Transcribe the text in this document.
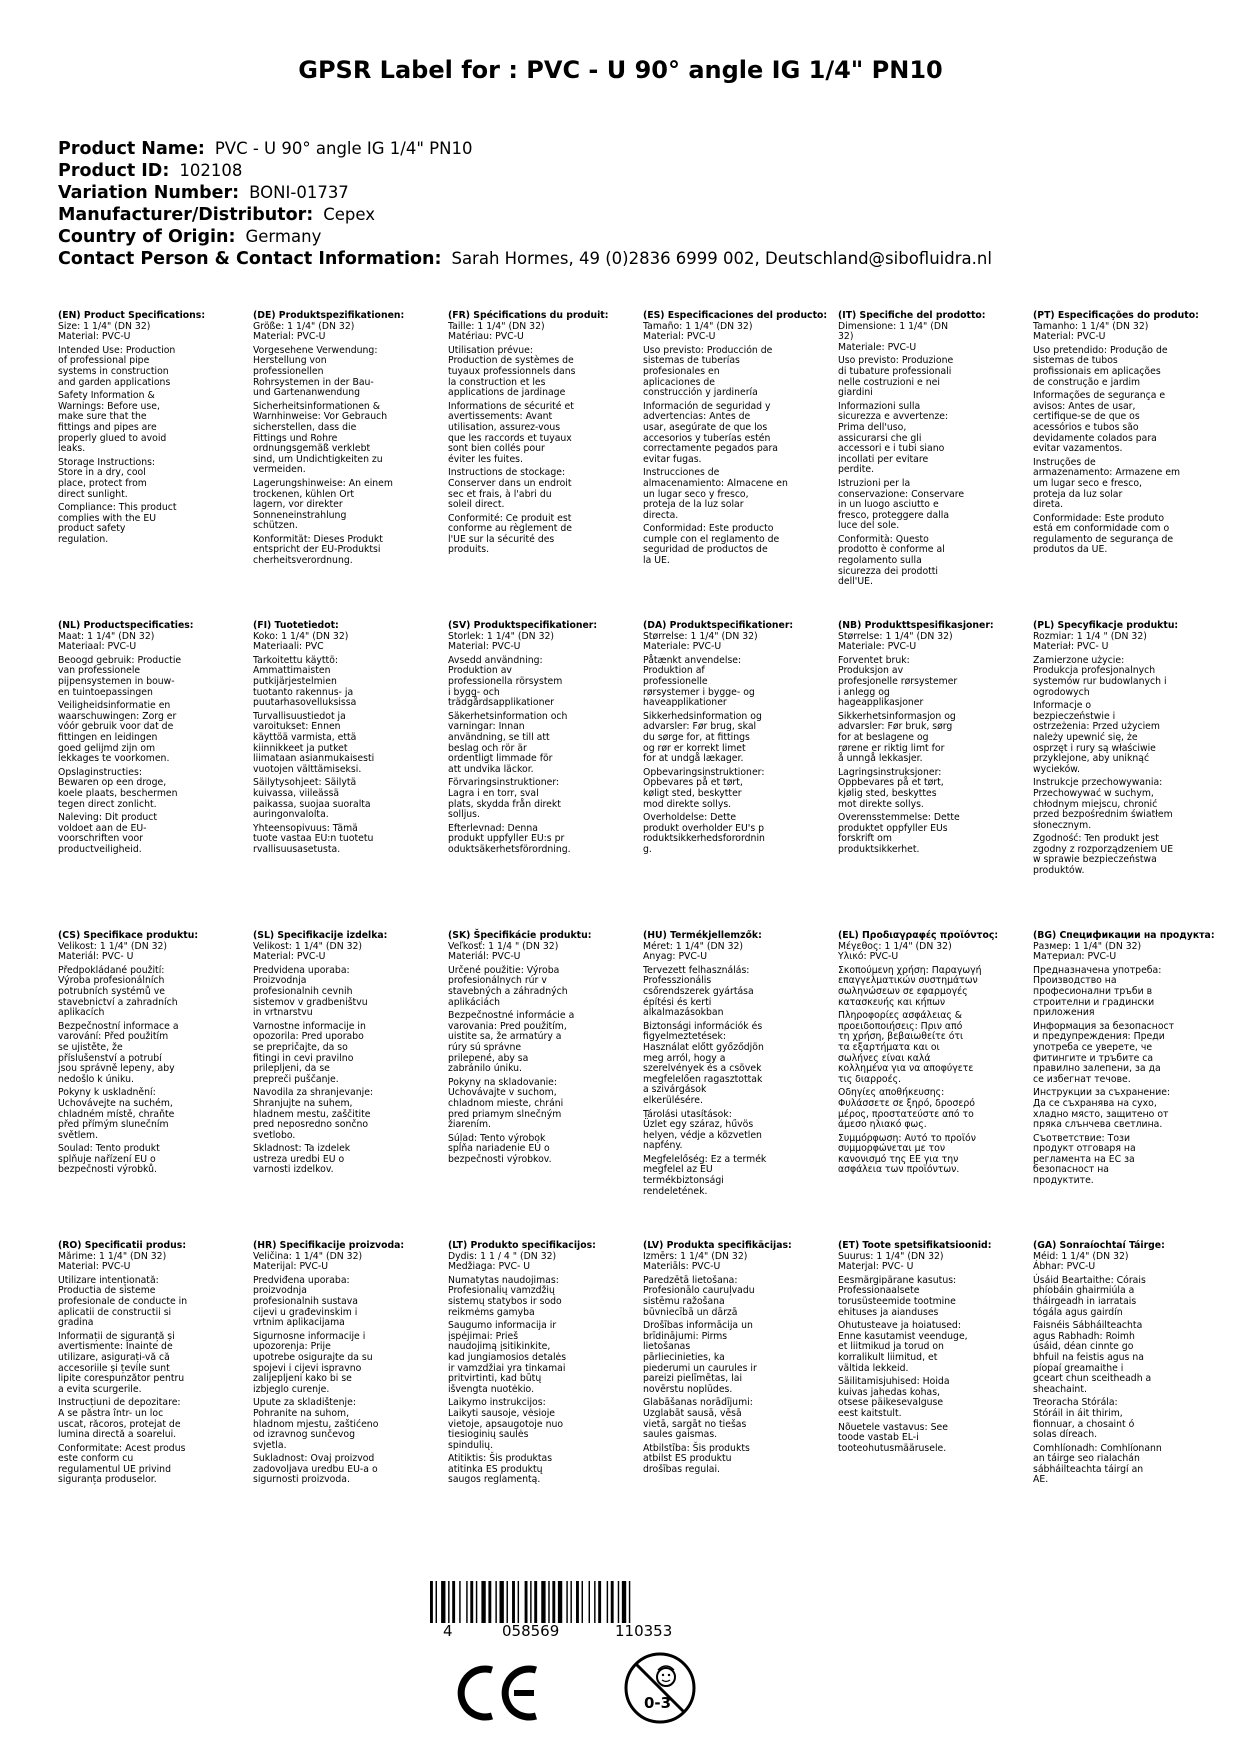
GPSR Label for : PVC - U 90° angle IG 1/4" PN10
Product Name: PVC - U 90° angle IG 1/4" PN10
Product ID: 102108
Variation Number: BONI-01737
Manufacturer/Distributor: Cepex
Country of Origin: Germany
Contact Person & Contact Information: Sarah Hormes, 49 (0)2836 6999 002, Deutschland@sibofluidra.nl
(EN) Product Specifications:

Size: 1 1/4" (DN 32)

Material: PVC-U

Intended Use: Production
of professional pipe
systems in construction
and garden applications

Safety Information &
Warnings: Before use,
make sure that the
fittings and pipes are
properly glued to avoid
leaks.

Storage Instructions:
Store in a dry, cool
place, protect from
direct sunlight.

Compliance: This product
complies with the EU
product safety
regulation.

(DE) Produktspezifikationen:

Größe: 1 1/4" (DN 32)

Material: PVC-U

Vorgesehene Verwendung:
Herstellung von
professionellen
Rohrsystemen in der Bau-
und Gartenanwendung

Sicherheitsinformationen &
Warnhinweise: Vor Gebrauch
sicherstellen, dass die
Fittings und Rohre
ordnungsgemäß verklebt
sind, um Undichtigkeiten zu
vermeiden.

Lagerungshinweise: An einem
trockenen, kühlen Ort
lagern, vor direkter
Sonneneinstrahlung
schützen.

Konformität: Dieses Produkt
entspricht der EU-Produktsi
cherheitsverordnung.

(FR) Spécifications du produit:

Taille: 1 1/4" (DN 32)

Matériau: PVC-U

Utilisation prévue:
Production de systèmes de
tuyaux professionnels dans
la construction et les
applications de jardinage

Informations de sécurité et
avertissements: Avant
utilisation, assurez-vous
que les raccords et tuyaux
sont bien collés pour
éviter les fuites.

Instructions de stockage:
Conserver dans un endroit
sec et frais, à l'abri du
soleil direct.

Conformité: Ce produit est
conforme au règlement de
l'UE sur la sécurité des
produits.

(ES) Especificaciones del producto:

Tamaño: 1 1/4" (DN 32)

Material: PVC-U

Uso previsto: Producción de
sistemas de tuberías
profesionales en
aplicaciones de
construcción y jardinería

Información de seguridad y
advertencias: Antes de
usar, asegúrate de que los
accesorios y tuberías estén
correctamente pegados para
evitar fugas.

Instrucciones de
almacenamiento: Almacene en
un lugar seco y fresco,
proteja de la luz solar
directa.

Conformidad: Este producto
cumple con el reglamento de
seguridad de productos de
la UE.

(IT) Specifiche del prodotto:

Dimensione: 1 1/4" (DN
32)

Materiale: PVC-U

Uso previsto: Produzione
di tubature professionali
nelle costruzioni e nei
giardini

Informazioni sulla
sicurezza e avvertenze:
Prima dell'uso,
assicurarsi che gli
accessori e i tubi siano
incollati per evitare
perdite.

Istruzioni per la
conservazione: Conservare
in un luogo asciutto e
fresco, proteggere dalla
luce del sole.

Conformità: Questo
prodotto è conforme al
regolamento sulla
sicurezza dei prodotti
dell'UE.

(PT) Especificações do produto:

Tamanho: 1 1/4" (DN 32)

Material: PVC-U

Uso pretendido: Produção de
sistemas de tubos
profissionais em aplicações
de construção e jardim

Informações de segurança e
avisos: Antes de usar,
certifique-se de que os
acessórios e tubos são
devidamente colados para
evitar vazamentos.

Instruções de
armazenamento: Armazene em
um lugar seco e fresco,
proteja da luz solar
direta.

Conformidade: Este produto
está em conformidade com o
regulamento de segurança de
produtos da UE.

(NL) Productspecificaties:

Maat: 1 1/4" (DN 32)

Materiaal: PVC-U

Beoogd gebruik: Productie
van professionele
pijpensystemen in bouw-
en tuintoepassingen

Veiligheidsinformatie en
waarschuwingen: Zorg er
vóór gebruik voor dat de
fittingen en leidingen
goed gelijmd zijn om
lekkages te voorkomen.

Opslaginstructies:
Bewaren op een droge,
koele plaats, beschermen
tegen direct zonlicht.

Naleving: Dit product
voldoet aan de EU-
voorschriften voor
productveiligheid.

(FI) Tuotetiedot:

Koko: 1 1/4" (DN 32)

Materiaali: PVC

Tarkoitettu käyttö:
Ammattimaisten
putkijärjestelmien
tuotanto rakennus- ja
puutarhasovelluksissa

Turvallisuustiedot ja
varoitukset: Ennen
käyttöä varmista, että
kiinnikkeet ja putket
liimataan asianmukaisesti
vuotojen välttämiseksi.

Säilytysohjeet: Säilytä
kuivassa, viileässä
paikassa, suojaa suoralta
auringonvalolta.

Yhteensopivuus: Tämä
tuote vastaa EU:n tuotetu
rvallisuusasetusta.

(SV) Produktspecifikationer:

Storlek: 1 1/4" (DN 32)

Material: PVC-U

Avsedd användning:
Produktion av
professionella rörsystem
i bygg- och
trädgårdsapplikationer

Säkerhetsinformation och
varningar: Innan
användning, se till att
beslag och rör är
ordentligt limmade för
att undvika läckor.

Förvaringsinstruktioner:
Lagra i en torr, sval
plats, skydda från direkt
solljus.

Efterlevnad: Denna
produkt uppfyller EU:s pr
oduktsäkerhetsförordning.

(DA) Produktspecifikationer:

Størrelse: 1 1/4" (DN 32)

Materiale: PVC-U

Påtænkt anvendelse:
Produktion af
professionelle
rørsystemer i bygge- og
haveapplikationer

Sikkerhedsinformation og
advarsler: Før brug, skal
du sørge for, at fittings
og rør er korrekt limet
for at undgå lækager.

Opbevaringsinstruktioner:
Opbevares på et tørt,
køligt sted, beskytter
mod direkte sollys.

Overholdelse: Dette
produkt overholder EU's p
roduktsikkerhedsforordnin
g.

(NB) Produkttspesifikasjoner:

Størrelse: 1 1/4" (DN 32)

Materiale: PVC-U

Forventet bruk:
Produksjon av
profesjonelle rørsystemer
i anlegg og
hageapplikasjoner

Sikkerhetsinformasjon og
advarsler: Før bruk, sørg
for at beslagene og
rørene er riktig limt for
å unngå lekkasjer.

Lagringsinstruksjoner:
Oppbevares på et tørt,
kjølig sted, beskyttes
mot direkte sollys.

Overensstemmelse: Dette
produktet oppfyller EUs
forskrift om
produktsikkerhet.

(PL) Specyfikacje produktu:

Rozmiar: 1 1/4 " (DN 32)

Materiał: PVC- U

Zamierzone użycie:
Produkcja profesjonalnych
systemów rur budowlanych i
ogrodowych

Informacje o
bezpieczeństwie i
ostrzeżenia: Przed użyciem
należy upewnić się, że
osprzęt i rury są właściwie
przyklejone, aby uniknąć
wycieków.

Instrukcje przechowywania:
Przechowywać w suchym,
chłodnym miejscu, chronić
przed bezpośrednim światłem
słonecznym.

Zgodność: Ten produkt jest
zgodny z rozporządzeniem UE
w sprawie bezpieczeństwa
produktów.

(CS) Specifikace produktu:

Velikost: 1 1/4" (DN 32)

Materiál: PVC- U

Předpokládané použití:
Výroba profesionálních
potrubních systémů ve
stavebnictví a zahradních
aplikacích

Bezpečnostní informace a
varování: Před použitím
se ujistěte, že
příslušenství a potrubí
jsou správně lepeny, aby
nedošlo k úniku.

Pokyny k uskladnění:
Uchovávejte na suchém,
chladném místě, chraňte
před přímým slunečním
světlem.

Soulad: Tento produkt
splňuje nařízení EU o
bezpečnosti výrobků.

(SL) Specifikacije izdelka:

Velikost: 1 1/4" (DN 32)

Material: PVC-U

Predvidena uporaba:
Proizvodnja
profesionalnih cevnih
sistemov v gradbeništvu
in vrtnarstvu

Varnostne informacije in
opozorila: Pred uporabo
se prepričajte, da so
fitingi in cevi pravilno
prilepljeni, da se
prepreči puščanje.

Navodila za shranjevanje:
Shranjujte na suhem,
hladnem mestu, zaščitite
pred neposredno sončno
svetlobo.

Skladnost: Ta izdelek
ustreza uredbi EU o
varnosti izdelkov.

(SK) Špecifikácie produktu:

Veľkosť: 1 1/4 " (DN 32)

Materiál: PVC-U

Určené použitie: Výroba
profesionálnych rúr v
stavebných a záhradných
aplikáciách

Bezpečnostné informácie a
varovania: Pred použitím,
uistite sa, že armatúry a
rúry sú správne
prilepené, aby sa
zabránilo úniku.

Pokyny na skladovanie:
Uchovávajte v suchom,
chladnom mieste, chráni
pred priamym slnečným
žiarením.

Súlad: Tento výrobok
spĺňa nariadenie EÚ o
bezpečnosti výrobkov.

(HU) Termékjellemzők:

Méret: 1 1/4" (DN 32)

Anyag: PVC-U

Tervezett felhasználás:
Professzionális
csőrendszerek gyártása
építési és kerti
alkalmazásokban

Biztonsági információk és
figyelmeztetések:
Használat előtt győződjön
meg arról, hogy a
szerelvények és a csövek
megfelelően ragasztottak
a szivárgások
elkerülésére.

Tárolási utasítások:
Üzlet egy száraz, hűvös
helyen, védje a közvetlen
napfény.

Megfelelőség: Ez a termék
megfelel az EU
termékbiztonsági
rendeletének.

(EL) Προδιαγραφές προϊόντος:

Μέγεθος: 1 1/4" (DN 32)

Υλικό: PVC-U

Σκοπούμενη χρήση: Παραγωγή
επαγγελματικών συστημάτων
σωληνώσεων σε εφαρμογές
κατασκευής και κήπων

Πληροφορίες ασφάλειας &
προειδοποιήσεις: Πριν από
τη χρήση, βεβαιωθείτε ότι
τα εξαρτήματα και οι
σωλήνες είναι καλά
κολλημένα για να αποφύγετε
τις διαρροές.

Οδηγίες αποθήκευσης:
Φυλάσσετε σε ξηρό, δροσερό
μέρος, προστατεύστε από το
άμεσο ηλιακό φως.

Συμμόρφωση: Αυτό το προϊόν
συμμορφώνεται με τον
κανονισμό της ΕΕ για την
ασφάλεια των προϊόντων.

(BG) Спецификации на продукта:

Размер: 1 1/4" (DN 32)

Материал: PVC-U

Предназначена употреба:
Производство на
професионални тръби в
строителни и градински
приложения

Информация за безопасност
и предупреждения: Преди
употреба се уверете, че
фитингите и тръбите са
правилно залепени, за да
се избегнат течове.

Инструкции за съхранение:
Да се съхранява на сухо,
хладно място, защитено от
пряка слънчева светлина.

Съответствие: Този
продукт отговаря на
регламента на ЕС за
безопасност на
продуктите.

(RO) Specificatii produs:

Mărime: 1 1/4" (DN 32)

Material: PVC-U

Utilizare intenționată:
Productia de sisteme
profesionale de conducte in
aplicatii de constructii si
gradina

Informații de siguranță și
avertismente: Înainte de
utilizare, asigurați-vă că
accesoriile și țevile sunt
lipite corespunzător pentru
a evita scurgerile.

Instrucțiuni de depozitare:
A se păstra într- un loc
uscat, răcoros, protejat de
lumina directă a soarelui.

Conformitate: Acest produs
este conform cu
regulamentul UE privind
siguranța produselor.

(HR) Specifikacije proizvoda:

Veličina: 1 1/4" (DN 32)

Materijal: PVC-U

Predviđena uporaba:
proizvodnja
profesionalnih sustava
cijevi u građevinskim i
vrtnim aplikacijama

Sigurnosne informacije i
upozorenja: Prije
upotrebe osigurajte da su
spojevi i cijevi ispravno
zalijepljeni kako bi se
izbjeglo curenje.

Upute za skladištenje:
Pohranite na suhom,
hladnom mjestu, zaštićeno
od izravnog sunčevog
svjetla.

Sukladnost: Ovaj proizvod
zadovoljava uredbu EU-a o
sigurnosti proizvoda.

(LT) Produkto specifikacijos:

Dydis: 1 1 / 4 " (DN 32)

Medžiaga: PVC- U

Numatytas naudojimas:
Profesionalių vamzdžių
sistemų statybos ir sodo
reikmėms gamyba

Saugumo informacija ir
įspėjimai: Prieš
naudojimą įsitikinkite,
kad jungiamosios detalės
ir vamzdžiai yra tinkamai
pritvirtinti, kad būtų
išvengta nuotėkio.

Laikymo instrukcijos:
Laikyti sausoje, vėsioje
vietoje, apsaugotoje nuo
tiesioginių saulės
spindulių.

Atitiktis: Šis produktas
atitinka ES produktų
saugos reglamentą.

(LV) Produkta specifikācijas:

Izmērs: 1 1/4" (DN 32)

Materiāls: PVC-U

Paredzētā lietošana:
Profesionālo cauruļvadu
sistēmu ražošana
būvniecībā un dārzā

Drošības informācija un
brīdinājumi: Pirms
lietošanas
pārliecinieties, ka
piederumi un caurules ir
pareizi pielīmētas, lai
novērstu noplūdes.

Glabāšanas norādījumi:
Uzglabāt sausā, vēsā
vietā, sargāt no tiešas
saules gaismas.

Atbilstība: Šis produkts
atbilst ES produktu
drošības regulai.

(ET) Toote spetsifikatsioonid:

Suurus: 1 1/4" (DN 32)

Materjal: PVC- U

Eesmärgipärane kasutus:
Professionaalsete
torusüsteemide tootmine
ehituses ja aianduses

Ohutusteave ja hoiatused:
Enne kasutamist veenduge,
et liitmikud ja torud on
korralikult liimitud, et
vältida lekkeid.

Säilitamisjuhised: Hoida
kuivas jahedas kohas,
otsese päikesevalguse
eest kaitstult.

Nõuetele vastavus: See
toode vastab EL-i
tooteohutusmäärusele.

(GA) Sonraíochtaí Táirge:

Méid: 1 1/4" (DN 32)

Ábhar: PVC-U

Úsáid Beartaithe: Córais
phíobáin ghairmiúla a
tháirgeadh in iarratais
tógála agus gairdín

Faisnéis Sábháilteachta
agus Rabhadh: Roimh
úsáid, déan cinnte go
bhfuil na feistis agus na
píopaí greamaithe i
gceart chun sceitheadh a
sheachaint.

Treoracha Stórála:
Stóráil in áit thirim,
fionnuar, a chosaint ó
solas díreach.

Comhlíonadh: Comhlíonann
an táirge seo rialachán
sábháilteachta táirgí an
AE.

4	058569	110353
0-3
